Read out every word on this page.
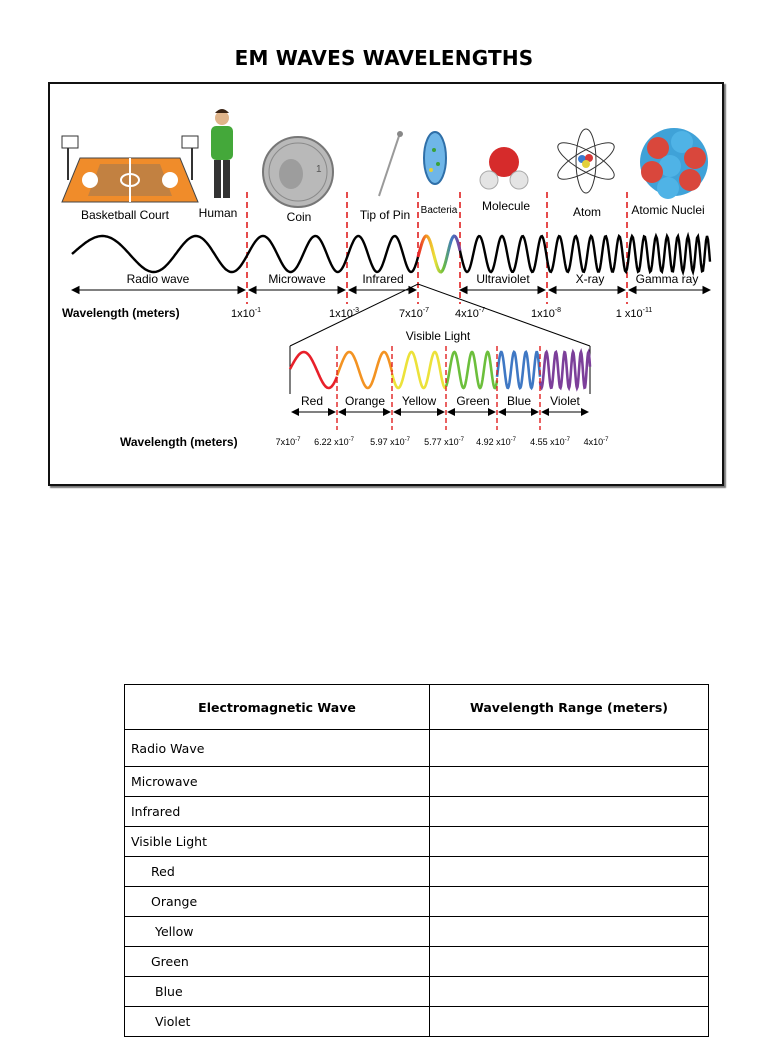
EM WAVES WAVELENGTHS
1
Basketball Court Human	Coin	Tip of Pin Bacteria Molecule	Atom	Atomic Nuclei
Radio wave	Microwave	Infrared	Ultraviolet	X-ray	Gamma ray
Wavelength (meters)	$1x10^{-1}$	$1x10^{-3}$	$7x10^{-7}$ $4x10^{-7}$	$1x10^{-8}$	1 $x10^{-11}$
Visible Light
Red Orange Yellow Green Blue Violet
Wavelength (meters)	$7x10^{-7}$ 6.22 $x10^{-7}$ 5.97 $x10^{-7}$ 5.77 $x10^{-7}$ 4.92 $x10^{-7}$ 4.55 $x10^{-7}$ $4x10^{-7}$
Electromagnetic Wave	Wavelength Range (meters)
Radio Wave	
Microwave	
Infrared	
Visible Light	
Red	
Orange	
Yellow	
Green	
Blue	
Violet	
